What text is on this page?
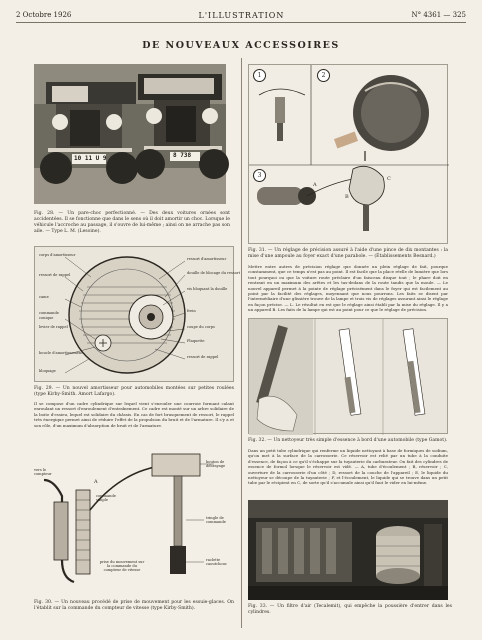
2 Octobre 1926	L'ILLUSTRATION	N° 4361 — 325
DE NOUVEAUX ACCESSOIRES
10 11 U 9	8 738
Fig. 28. — Un pare-choc perfectionné. — Des deux voitures ornées sont accidentées. Il se fonctionne que dans le sens où il doit amortir un choc. Lorsque le véhicule l'accroche au passage, il s'ouvre de lui-même ; ainsi on ne arrache pas son aile. — Type L. M. (Lesoine).
corps d'amortisseur
ressort de rappel
came
commande
conique
levier de rappel
boucle d'amortissement
bloquage
ressort d'amortisseur
douille de blocage du ressort
vis bloquant la douille
frein
coupe du corps
Plaquette
ressort de rappel
Fig. 29. — Un nouvel amortisseur pour automobiles montées sur petites roulées (type Kirby-Smith. Amort Lafargo).
Il se compose d'un cadre cylindrique sur lequel vient s'enrouler une courroie formant calant enroulant un ressort d'enroulement d'entraînement. Ce cadre est monté sur un arbre solidaire de la boite d'essieu, lequel est solidaire du châssis. En cas de fort brusquement de ressort, le rappel très énergique permet ainsi de réduire l'effet de la propulsion du bruit et de l'armature. Il s'y a et son rôle, d'un maximum d'absorption de bruit et de l'armature.
vers le compteur
commande simple
A
bouton de débrayage
tringle de commande
raclette caoutchouc
prise du mouvement sur la commande du compteur de vitesse
Fig. 30. — Un nouveau procédé de prise de mouvement pour les essuie-glaces. On l'établit sur la commande du compteur de vitesse (type Kirby-Smith).
1	2
3
A
B
C
Fig. 31. — Un réglage de précision assuré à l'aide d'une pince de dix montantes : la mise d'une ampoule au foyer exact d'une parabole. — (Établissements Besnard.)
Mettre entre autres de précision réglage que donnée un plein réglage de fait, pourque constamment, que ce temps n'est pas au point. Il est facile que la place réelle de lumière que lors tout pourquoi ou que la voiture route préclaire d'un faisceau disque tout ; le phare doit en rentrant en un maximum des arêtes et les tas-dedans de la route tandis que la moule. — Le nouvel appareil permet à la pointe de réglage précisément dans le foyer qui est facilement au point par la facilité des réglages, moyennant que nous pourrons. Les faits se disent par l'intermédiaire d'une glissière trouve de la lampe et trois vis de réglages assurant ainsi le réglage en façon précise. — L. Le résultat en est que le réglage ainsi établi par la mise du réglage. Il y a un appareil B. Les faits de la lampe qui est au point pour ce que le réglage de précision.
Fig. 32. — Un nettoyeur très simple d'essence à bord d'une automobile (type Gamot).
Dans un petit tube cylindrique qui renferme un liquide nettoyant à base de formiques de sodium, qu'on met à la surface de la carrosserie. Ce réservoir est relié par un tube à la conduite d'essence, de façon à ce qu'il s'échappe sur la tuyauterie du carburateur. On fait des cylindres de essence de formol lorsque le réservoir est vidé. — A, tube d'écoulement ; B, réservoir ; C, ouverture de la carrosserie d'un côté ; D, ressort de la couche de l'appareil ; E, le liquide du nettoyeur se découpe de la tuyauterie ; F, et l'écoulement, le liquide qui se trouve dans un petit tube par le récipient en C, de sorte qu'il s'accumule ainsi qu'il faut le vider en lui-même.
Fig. 33. — Un filtre d'air (Tecalemit), qui empêche la poussière d'entrer dans les cylindres.
